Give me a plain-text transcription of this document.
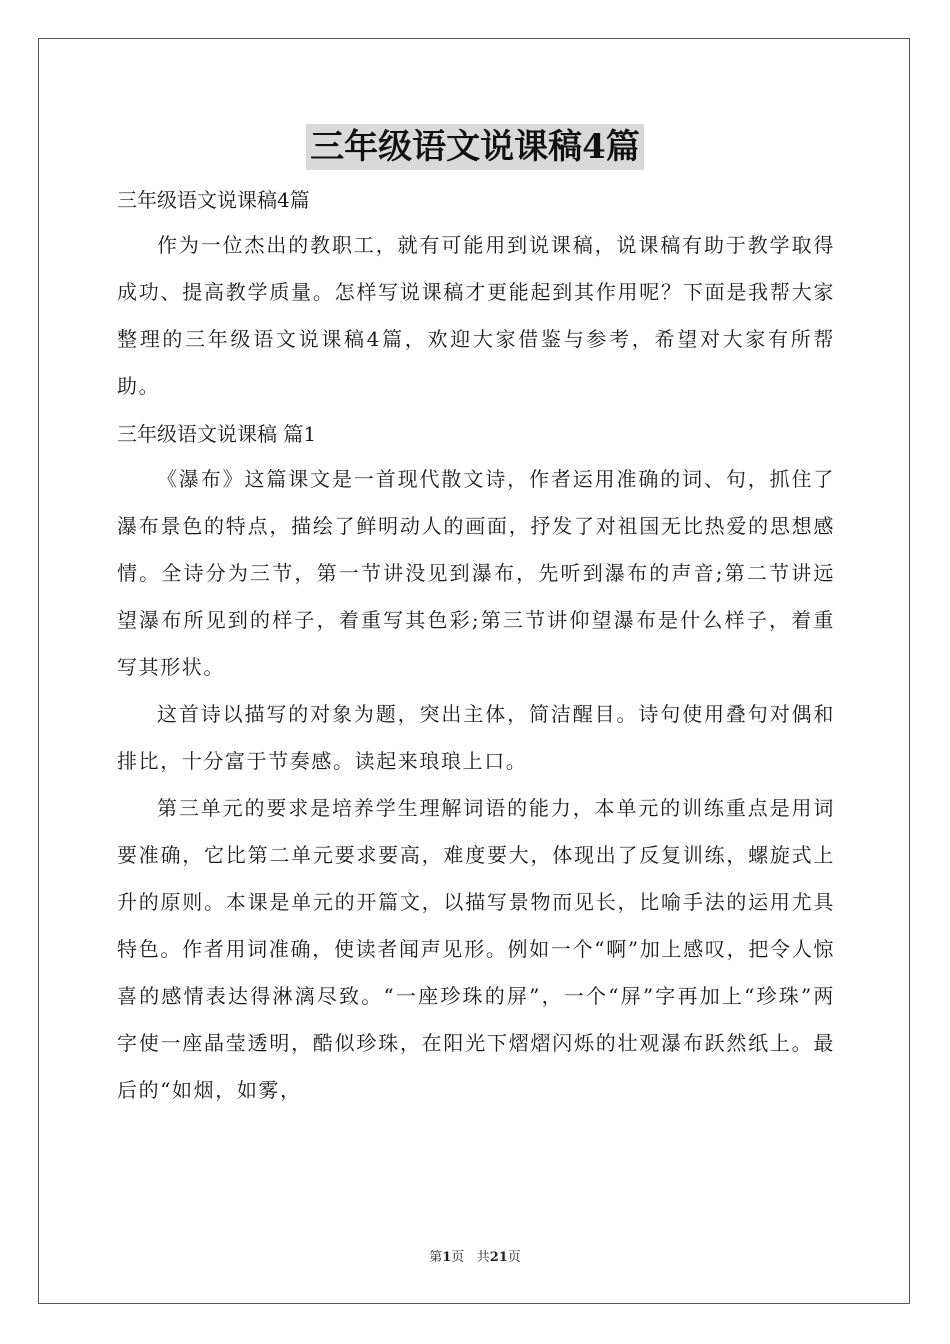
三年级语文说课稿4篇

三年级语文说课稿4篇

作为一位杰出的教职工，就有可能用到说课稿，说课稿有助于教学取得成功、提高教学质量。怎样写说课稿才更能起到其作用呢？下面是我帮大家整理的三年级语文说课稿4篇，欢迎大家借鉴与参考，希望对大家有所帮助。

三年级语文说课稿 篇1

《瀑布》这篇课文是一首现代散文诗，作者运用准确的词、句，抓住了瀑布景色的特点，描绘了鲜明动人的画面，抒发了对祖国无比热爱的思想感情。全诗分为三节，第一节讲没见到瀑布，先听到瀑布的声音;第二节讲远望瀑布所见到的样子，着重写其色彩;第三节讲仰望瀑布是什么样子，着重写其形状。

这首诗以描写的对象为题，突出主体，简洁醒目。诗句使用叠句对偶和排比，十分富于节奏感。读起来琅琅上口。

第三单元的要求是培养学生理解词语的能力，本单元的训练重点是用词要准确，它比第二单元要求要高，难度要大，体现出了反复训练，螺旋式上升的原则。本课是单元的开篇文，以描写景物而见长，比喻手法的运用尤具特色。作者用词准确，使读者闻声见形。例如一个“啊”加上感叹，把令人惊喜的感情表达得淋漓尽致。“一座珍珠的屏”，一个“屏”字再加上“珍珠”两字使一座晶莹透明，酷似珍珠，在阳光下熠熠闪烁的壮观瀑布跃然纸上。最后的“如烟，如雾，

第1页 共21页
